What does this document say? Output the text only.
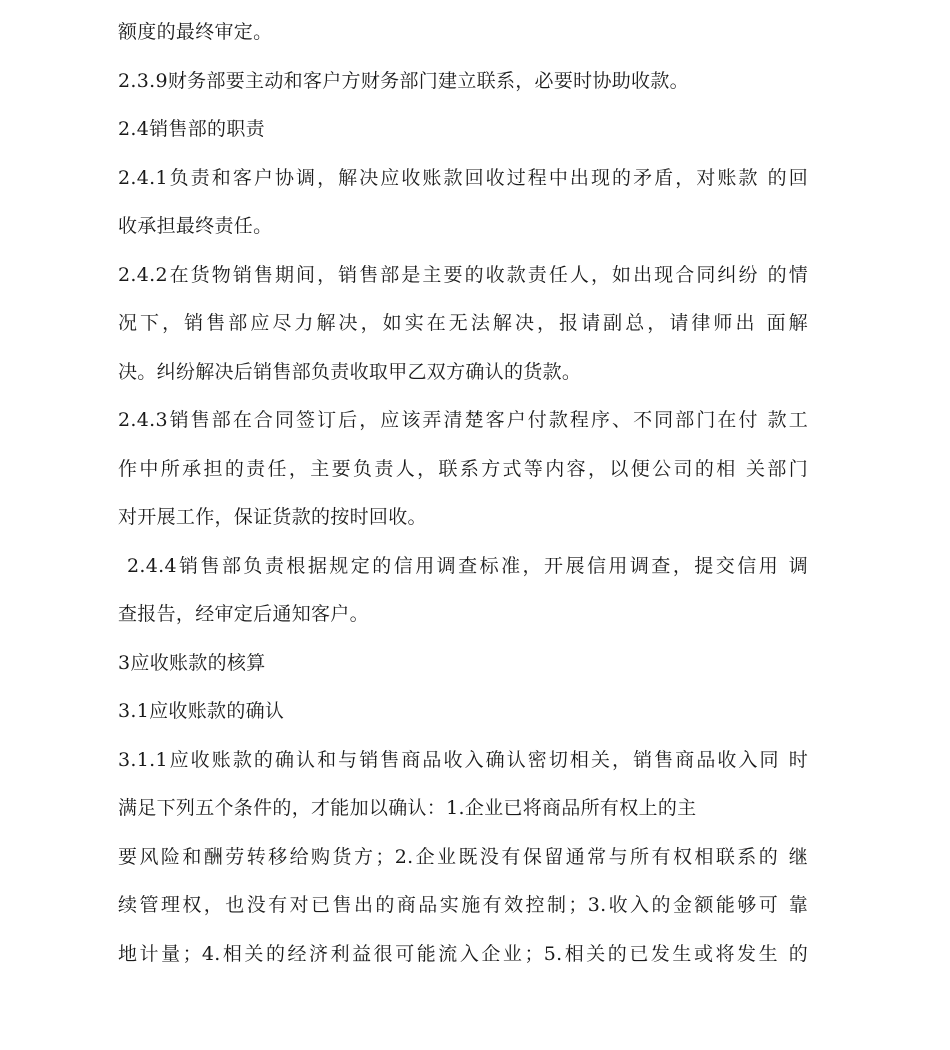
额度的最终审定。
2.3.9财务部要主动和客户方财务部门建立联系，必要时协助收款。
2.4销售部的职责
2.4.1负责和客户协调，解决应收账款回收过程中出现的矛盾，对账款 的回
收承担最终责任。
2.4.2在货物销售期间，销售部是主要的收款责任人，如出现合同纠纷 的情
况下，销售部应尽力解决，如实在无法解决，报请副总，请律师出 面解
决。纠纷解决后销售部负责收取甲乙双方确认的货款。
2.4.3销售部在合同签订后，应该弄清楚客户付款程序、不同部门在付 款工
作中所承担的责任，主要负责人，联系方式等内容，以便公司的相 关部门
对开展工作，保证货款的按时回收。
2.4.4销售部负责根据规定的信用调查标准，开展信用调查，提交信用 调
查报告，经审定后通知客户。
3应收账款的核算
3.1应收账款的确认
3.1.1应收账款的确认和与销售商品收入确认密切相关，销售商品收入同 时
满足下列五个条件的，才能加以确认：1.企业已将商品所有权上的主
要风险和酬劳转移给购货方；2.企业既没有保留通常与所有权相联系的 继
续管理权，也没有对已售出的商品实施有效控制；3.收入的金额能够可 靠
地计量；4.相关的经济利益很可能流入企业；5.相关的已发生或将发生 的
